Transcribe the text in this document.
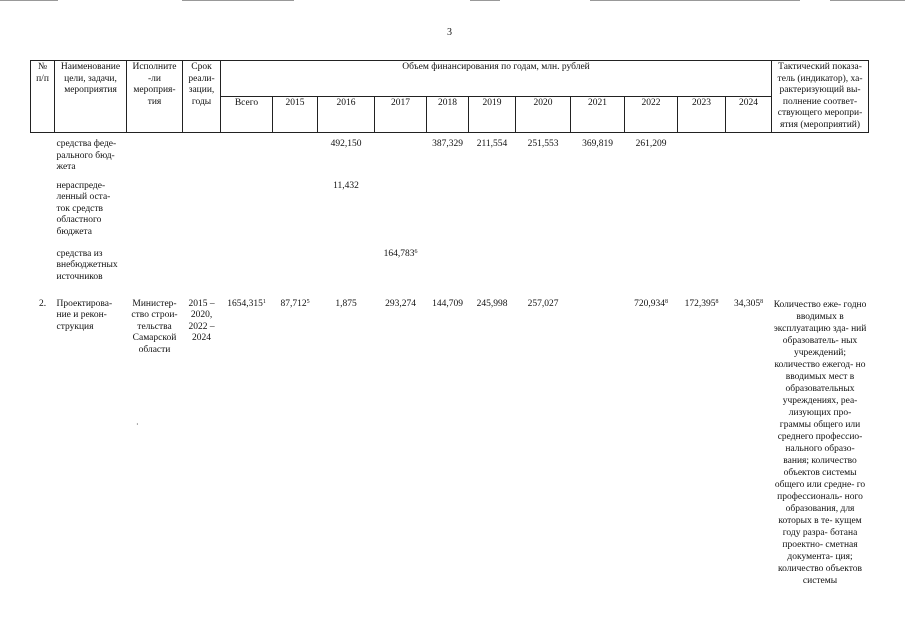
3
№ п/п	Наименование цели, задачи, мероприятия	Исполните -ли мероприя- тия	Срок реали- зации, годы	Объем финансирования по годам, млн. рублей											Тактический показа- тель (индикатор), ха- рактеризующий вы- полнение соответ- ствующего меропри- ятия (мероприятий)
				Всего	2015	2016	2017	2018	2019	2020	2021	2022	2023	2024	
	средства феде- рального бюд- жета					492,150		387,329	211,554	251,553	369,819	261,209			
	нераспреде- ленный оста- ток средств областного бюджета					11,432									
	средства из внебюджетных источников						164,783$^6$								
2.	Проектирова- ние и рекон- струкция	Министер- ство строи- тельства Самарской области	2015 – 2020, 2022 – 2024	1654,315$^1$	87,712$^5$	1,875	293,274	144,709	245,998	257,027		720,934$^8$	172,395$^8$	34,305$^8$	Количество еже- годно вводимых в эксплуатацию зда- ний образователь- ных учреждений; количество ежегод- но вводимых мест в образовательных учреждениях, реа- лизующих про- граммы общего или среднего профессио- нального образо- вания; количество объектов системы общего или средне- го профессиональ- ного образования, для которых в те- кущем году разра- ботана проектно- сметная документа- ция; количество объектов системы
·
